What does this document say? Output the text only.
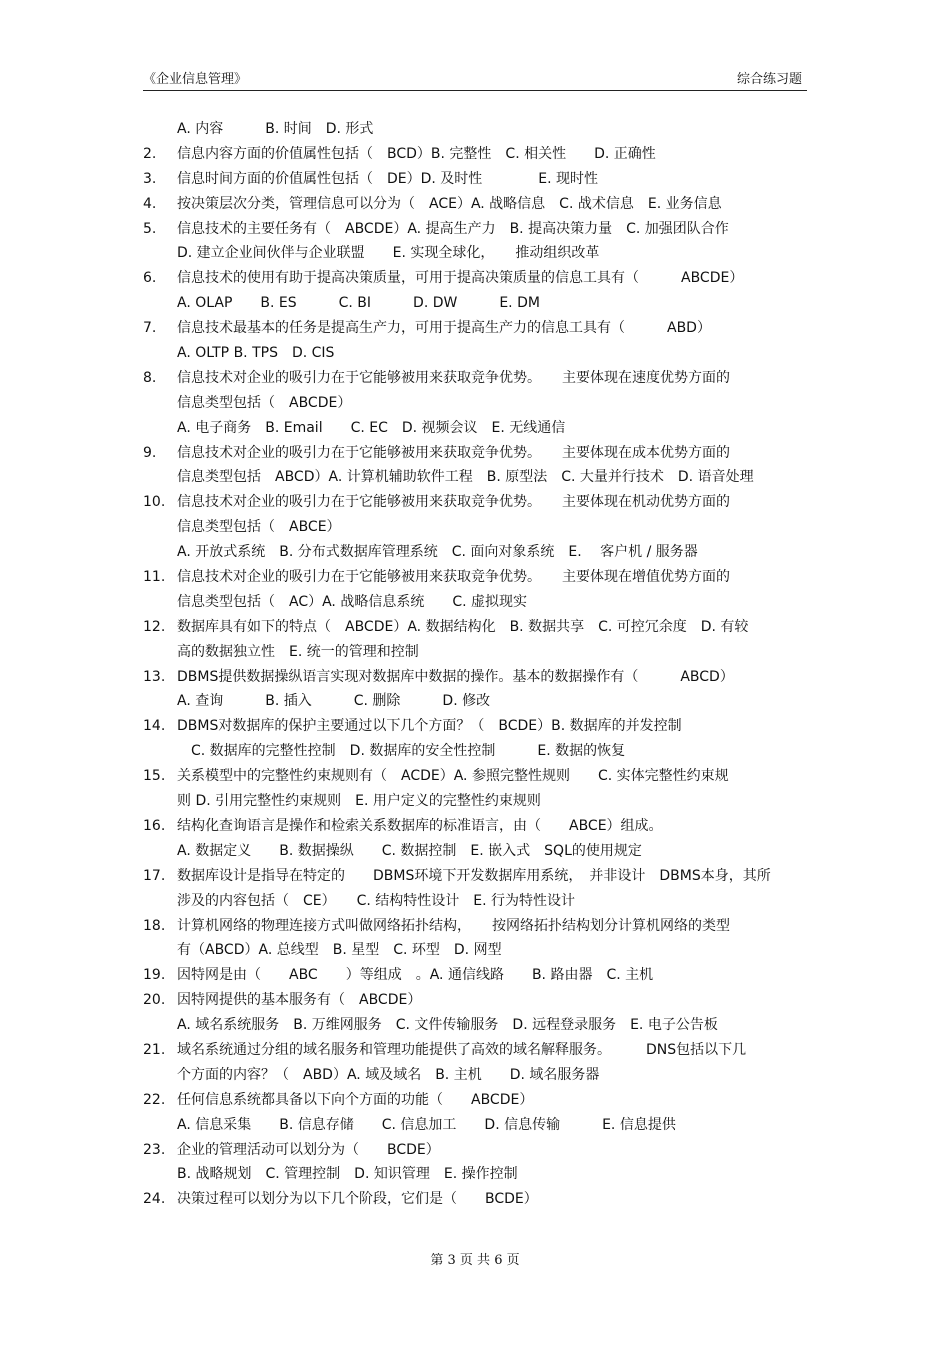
《企业信息管理》	综合练习题
A. 内容　　　B. 时间　D. 形式
2.	信息内容方面的价值属性包括（　BCD）B. 完整性　C. 相关性　　D. 正确性
3.	信息时间方面的价值属性包括（　DE）D. 及时性　　　　E. 现时性
4.	按决策层次分类，管理信息可以分为（　ACE）A. 战略信息　C. 战术信息　E. 业务信息
5.	信息技术的主要任务有（　ABCDE）A. 提高生产力　B. 提高决策力量　C. 加强团队合作
D. 建立企业间伙伴与企业联盟　　E. 实现全球化，　　推动组织改革
6.	信息技术的使用有助于提高决策质量，可用于提高决策质量的信息工具有（　　　ABCDE）
A. OLAP　　B. ES　　　C. BI　　　D. DW　　　E. DM
7.	信息技术最基本的任务是提高生产力，可用于提高生产力的信息工具有（　　　ABD）
A. OLTP B. TPS　D. CIS
8.	信息技术对企业的吸引力在于它能够被用来获取竞争优势。　　主要体现在速度优势方面的
信息类型包括（　ABCDE）
A. 电子商务　B. Email　　C. EC　D. 视频会议　E. 无线通信
9.	信息技术对企业的吸引力在于它能够被用来获取竞争优势。　　主要体现在成本优势方面的
信息类型包括　ABCD）A. 计算机辅助软件工程　B. 原型法　C. 大量并行技术　D. 语音处理
10. 信息技术对企业的吸引力在于它能够被用来获取竞争优势。　　主要体现在机动优势方面的
信息类型包括（　ABCE）
A. 开放式系统　B. 分布式数据库管理系统　C. 面向对象系统　E. 　客户机 / 服务器
11. 信息技术对企业的吸引力在于它能够被用来获取竞争优势。　　主要体现在增值优势方面的
信息类型包括（　AC）A. 战略信息系统　　C. 虚拟现实
12. 数据库具有如下的特点（　ABCDE）A. 数据结构化　B. 数据共享　C. 可控冗余度　D. 有较
高的数据独立性　E. 统一的管理和控制
13. DBMS提供数据操纵语言实现对数据库中数据的操作。基本的数据操作有（　　　ABCD）
A. 查询　　　B. 插入　　　C. 删除　　　D. 修改
14. DBMS对数据库的保护主要通过以下几个方面？（　BCDE）B. 数据库的并发控制
　C. 数据库的完整性控制　D. 数据库的安全性控制　　　E. 数据的恢复
15. 关系模型中的完整性约束规则有（　ACDE）A. 参照完整性规则　　C. 实体完整性约束规
则 D. 引用完整性约束规则　E. 用户定义的完整性约束规则
16. 结构化查询语言是操作和检索关系数据库的标准语言，由（　　ABCE）组成。
A. 数据定义　　B. 数据操纵　　C. 数据控制　E. 嵌入式　SQL的使用规定
17. 数据库设计是指导在特定的　　DBMS环境下开发数据库用系统，　并非设计　DBMS本身，其所
涉及的内容包括（　CE）　　C. 结构特性设计　E. 行为特性设计
18. 计算机网络的物理连接方式叫做网络拓扑结构，　　按网络拓扑结构划分计算机网络的类型
有（ABCD）A. 总线型　B. 星型　C. 环型　D. 网型
19. 因特网是由（　　ABC　　）等组成　。A. 通信线路　　B. 路由器　C. 主机
20. 因特网提供的基本服务有（　ABCDE）
A. 域名系统服务　B. 万维网服务　C. 文件传输服务　D. 远程登录服务　E. 电子公告板
21. 域名系统通过分组的域名服务和管理功能提供了高效的域名解释服务。　　　DNS包括以下几
个方面的内容？（　ABD）A. 域及域名　B. 主机　　D. 域名服务器
22. 任何信息系统都具备以下向个方面的功能（　　ABCDE）
A. 信息采集　　B. 信息存储　　C. 信息加工　　D. 信息传输　　　E. 信息提供
23. 企业的管理活动可以划分为（　　BCDE）
B. 战略规划　C. 管理控制　D. 知识管理　E. 操作控制
24. 决策过程可以划分为以下几个阶段，它们是（　　BCDE）
第 3 页 共 6 页
